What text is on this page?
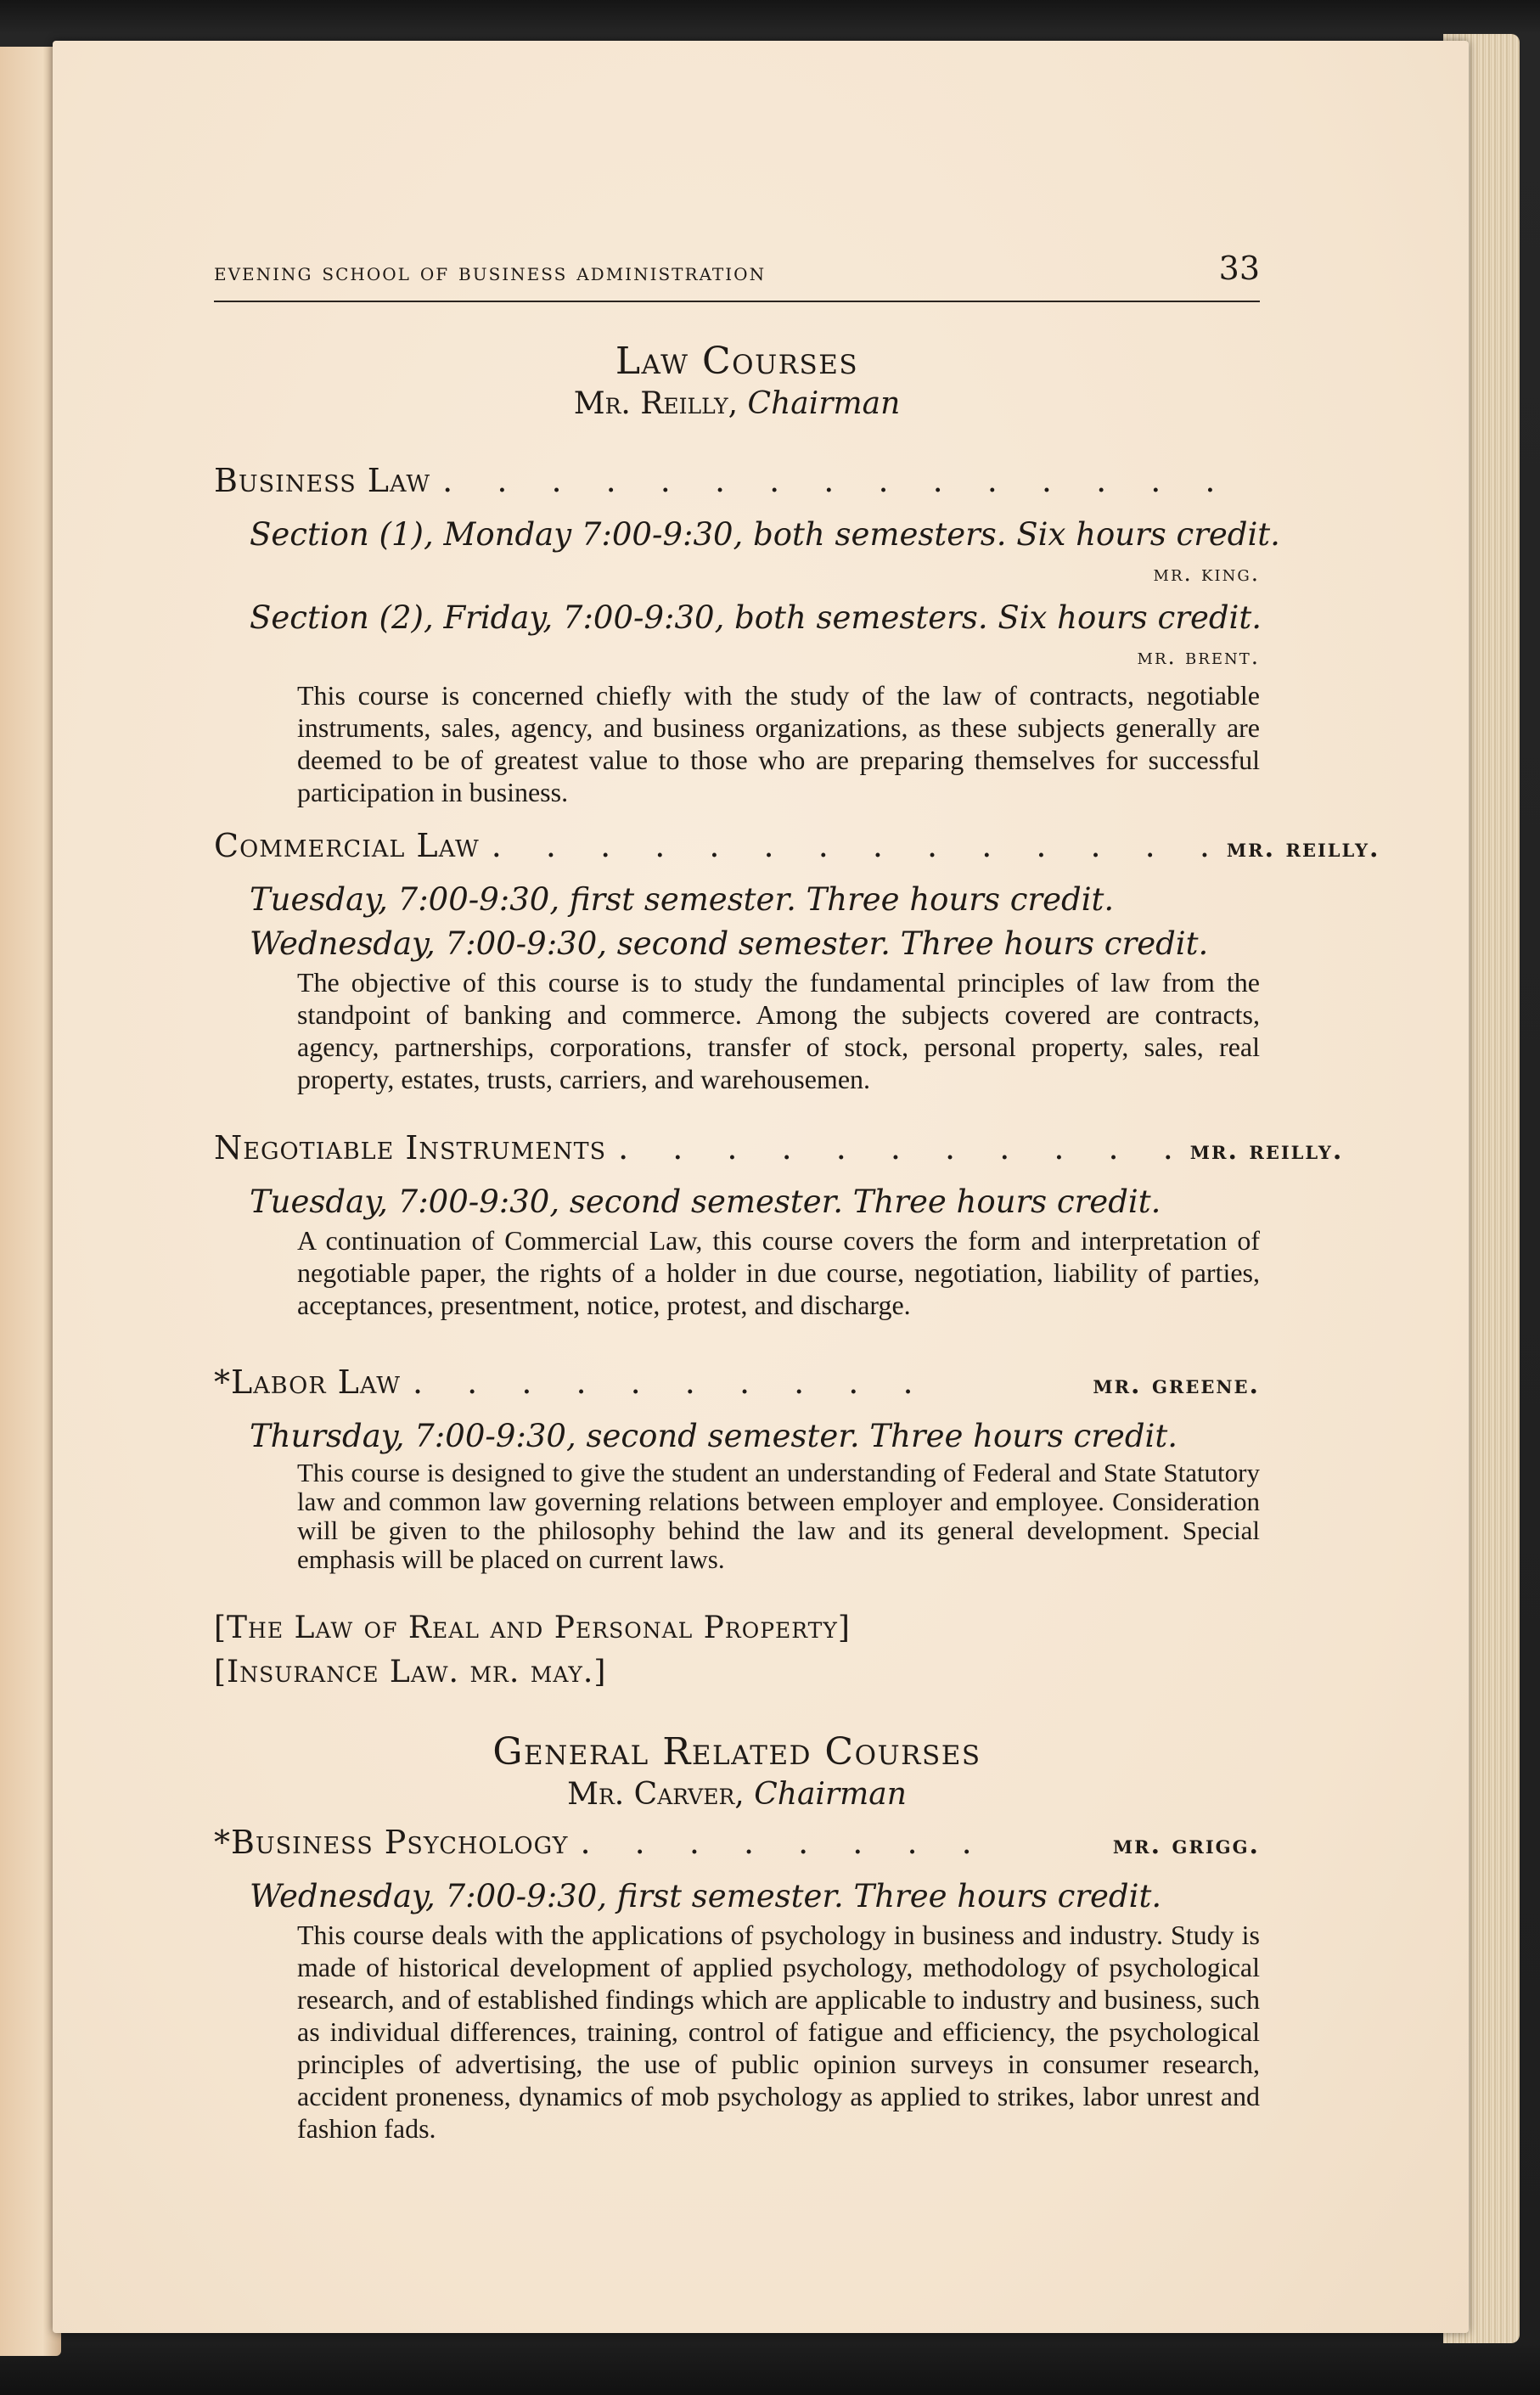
evening school of business administration	33

Law Courses

Mr. Reilly, Chairman

Business Law . . . . . . . . . . . . . . .
Section (1), Monday 7:00-9:30, both semesters. Six hours credit.
mr. king.
Section (2), Friday, 7:00-9:30, both semesters. Six hours credit.
mr. brent.

This course is concerned chiefly with the study of the law of contracts, negotiable instruments, sales, agency, and business organizations, as these subjects generally are deemed to be of greatest value to those who are preparing themselves for successful participation in business.

Commercial Law . . . . . . . . . . . . . . mr. reilly.
Tuesday, 7:00-9:30, first semester. Three hours credit.
Wednesday, 7:00-9:30, second semester. Three hours credit.

The objective of this course is to study the fundamental principles of law from the standpoint of banking and commerce. Among the subjects covered are contracts, agency, partnerships, corporations, transfer of stock, personal property, sales, real property, estates, trusts, carriers, and warehousemen.

Negotiable Instruments . . . . . . . . . . . mr. reilly.
Tuesday, 7:00-9:30, second semester. Three hours credit.

A continuation of Commercial Law, this course covers the form and interpretation of negotiable paper, the rights of a holder in due course, negotiation, liability of parties, acceptances, presentment, notice, protest, and discharge.

*Labor Law . . . . . . . . . .	mr. greene.
Thursday, 7:00-9:30, second semester. Three hours credit.

This course is designed to give the student an understanding of Federal and State Statutory law and common law governing relations between employer and employee. Consideration will be given to the philosophy behind the law and its general development. Special emphasis will be placed on current laws.

[The Law of Real and Personal Property]
[Insurance Law. mr. may.]

General Related Courses

Mr. Carver, Chairman

*Business Psychology . . . . . . . .	mr. grigg.
Wednesday, 7:00-9:30, first semester. Three hours credit.

This course deals with the applications of psychology in business and industry. Study is made of historical development of applied psychology, methodology of psychological research, and of established findings which are applicable to industry and business, such as individual differences, training, control of fatigue and efficiency, the psychological principles of advertising, the use of public opinion surveys in consumer research, accident proneness, dynamics of mob psychology as applied to strikes, labor unrest and fashion fads.
